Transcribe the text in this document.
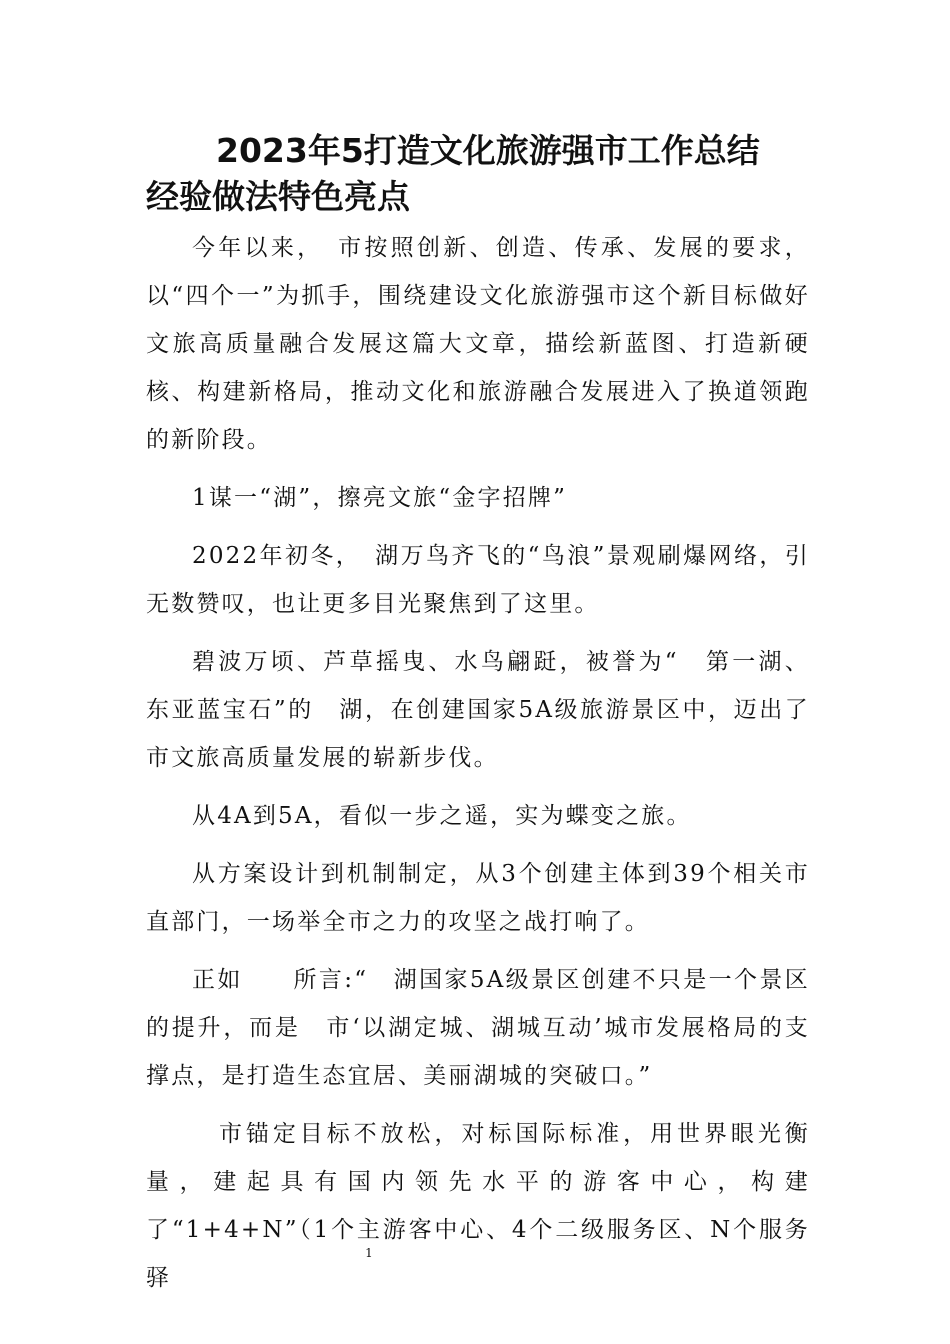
2023年5打造文化旅游强市工作总结
经验做法特色亮点

今年以来，　市按照创新、创造、传承、发展的要求，以“四个一”为抓手，围绕建设文化旅游强市这个新目标做好文旅高质量融合发展这篇大文章，描绘新蓝图、打造新硬核、构建新格局，推动文化和旅游融合发展进入了换道领跑的新阶段。

1谋一“湖”，擦亮文旅“金字招牌”

2022年初冬，　湖万鸟齐飞的“鸟浪”景观刷爆网络，引无数赞叹，也让更多目光聚焦到了这里。

碧波万顷、芦草摇曳、水鸟翩跹，被誉为“　第一湖、东亚蓝宝石”的　湖，在创建国家5A级旅游景区中，迈出了　市文旅高质量发展的崭新步伐。

从4A到5A，看似一步之遥，实为蝶变之旅。

从方案设计到机制制定，从3个创建主体到39个相关市直部门，一场举全市之力的攻坚之战打响了。

正如　　所言:“　湖国家5A级景区创建不只是一个景区的提升，而是　市‘以湖定城、湖城互动’城市发展格局的支撑点，是打造生态宜居、美丽湖城的突破口。”

　市锚定目标不放松，对标国际标准，用世界眼光衡量，建起具有国内领先水平的游客中心，构建了“1+4+N”（1个主游客中心、4个二级服务区、N个服务驿

1
